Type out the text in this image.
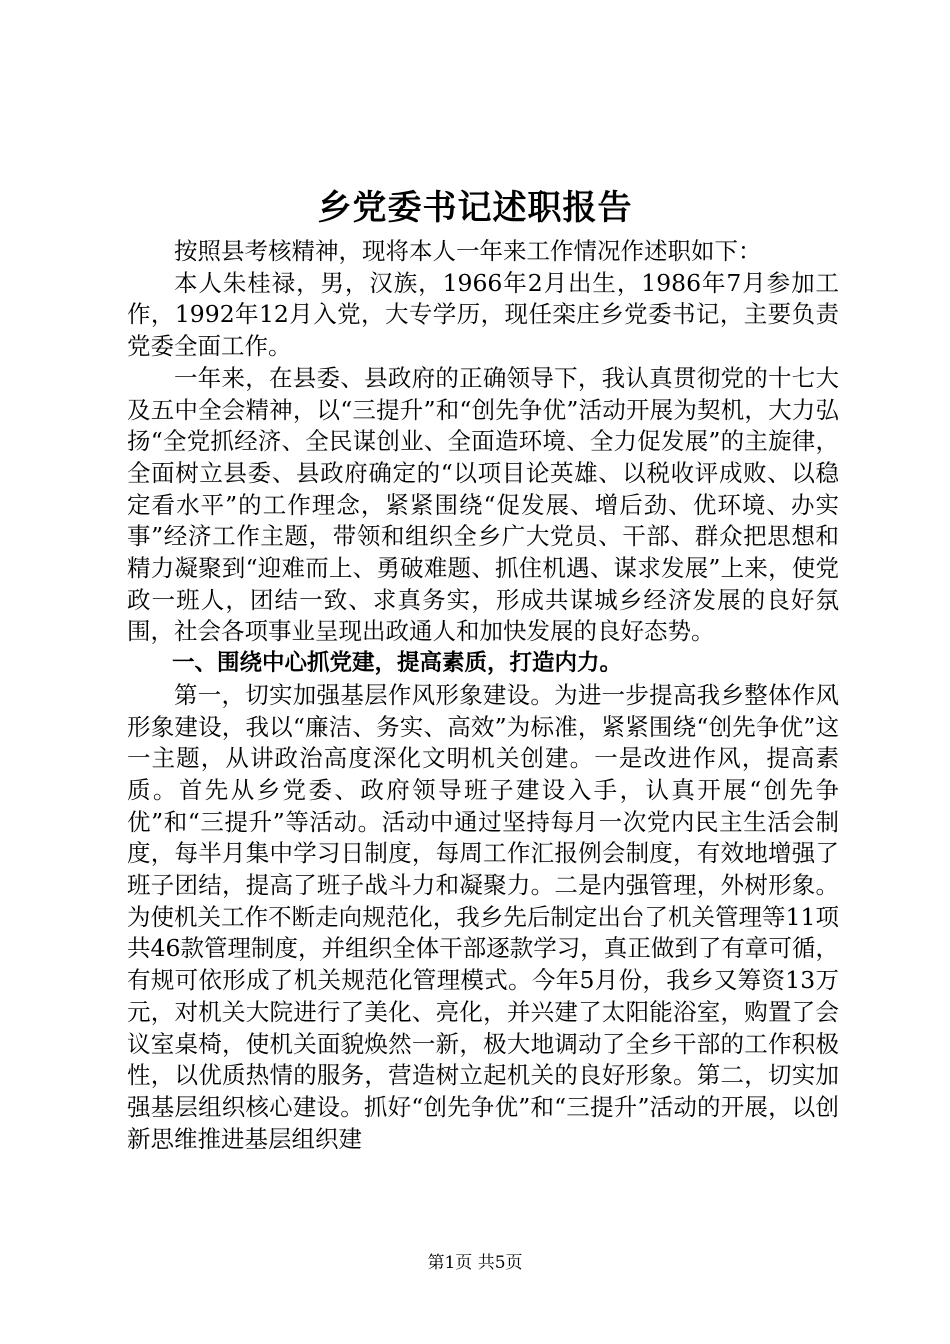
乡党委书记述职报告

按照县考核精神，现将本人一年来工作情况作述职如下：

本人朱桂禄，男，汉族，1966年2月出生，1986年7月参加工作，1992年12月入党，大专学历，现任栾庄乡党委书记，主要负责党委全面工作。

一年来，在县委、县政府的正确领导下，我认真贯彻党的十七大及五中全会精神，以“三提升”和“创先争优”活动开展为契机，大力弘扬“全党抓经济、全民谋创业、全面造环境、全力促发展”的主旋律，全面树立县委、县政府确定的“以项目论英雄、以税收评成败、以稳定看水平”的工作理念，紧紧围绕“促发展、增后劲、优环境、办实事”经济工作主题，带领和组织全乡广大党员、干部、群众把思想和精力凝聚到“迎难而上、勇破难题、抓住机遇、谋求发展”上来，使党政一班人，团结一致、求真务实，形成共谋城乡经济发展的良好氛围，社会各项事业呈现出政通人和加快发展的良好态势。

一、围绕中心抓党建，提高素质，打造内力。

第一，切实加强基层作风形象建设。为进一步提高我乡整体作风形象建设，我以“廉洁、务实、高效”为标准，紧紧围绕“创先争优”这一主题，从讲政治高度深化文明机关创建。一是改进作风，提高素质。首先从乡党委、政府领导班子建设入手，认真开展“创先争优”和“三提升”等活动。活动中通过坚持每月一次党内民主生活会制度，每半月集中学习日制度，每周工作汇报例会制度，有效地增强了班子团结，提高了班子战斗力和凝聚力。二是内强管理，外树形象。为使机关工作不断走向规范化，我乡先后制定出台了机关管理等11项共46款管理制度，并组织全体干部逐款学习，真正做到了有章可循，有规可依形成了机关规范化管理模式。今年5月份，我乡又筹资13万元，对机关大院进行了美化、亮化，并兴建了太阳能浴室，购置了会议室桌椅，使机关面貌焕然一新，极大地调动了全乡干部的工作积极性，以优质热情的服务，营造树立起机关的良好形象。第二，切实加强基层组织核心建设。抓好“创先争优”和“三提升”活动的开展，以创新思维推进基层组织建

第1页 共5页
